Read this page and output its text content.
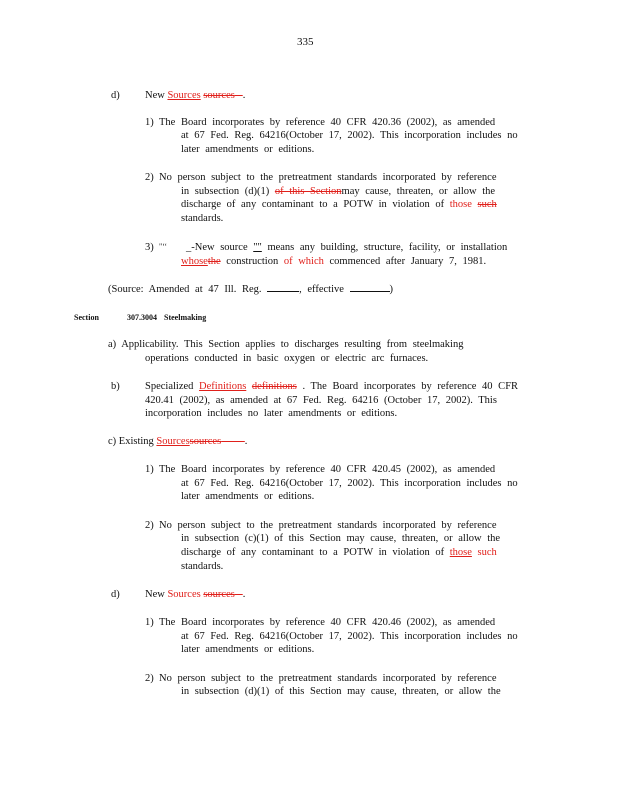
335
d) New Sources sources .
1) The Board incorporates by reference 40 CFR 420.36 (2002), as amended
at 67 Fed. Reg. 64216(October 17, 2002). This incorporation includes no
later amendments or editions.
2) No person subject to the pretreatment standards incorporated by reference
in subsection (d)(1) of this Sectionmay cause, threaten, or allow the
discharge of any contaminant to a POTW in violation of those such
standards.
3) "‘‘ _-New source "" means any building, structure, facility, or installation
whosethe construction of which commenced after January 7, 1981.
(Source: Amended at 47 Ill. Reg.	, effective	)
Section	307.3004 Steelmaking
a) Applicability. This Section applies to discharges resulting from steelmaking
operations conducted in basic oxygen or electric arc furnaces.
b) Specialized Definitions definitions . The Board incorporates by reference 40 CFR
420.41 (2002), as amended at 67 Fed. Reg. 64216 (October 17, 2002). This
incorporation includes no later amendments or editions.
c) Existing Sourcessources .
1) The Board incorporates by reference 40 CFR 420.45 (2002), as amended
at 67 Fed. Reg. 64216(October 17, 2002). This incorporation includes no
later amendments or editions.
2) No person subject to the pretreatment standards incorporated by reference
in subsection (c)(1) of this Section may cause, threaten, or allow the
discharge of any contaminant to a POTW in violation of those such
standards.
d) New Sources sources .
1) The Board incorporates by reference 40 CFR 420.46 (2002), as amended
at 67 Fed. Reg. 64216(October 17, 2002). This incorporation includes no
later amendments or editions.
2) No person subject to the pretreatment standards incorporated by reference
in subsection (d)(1) of this Section may cause, threaten, or allow the
